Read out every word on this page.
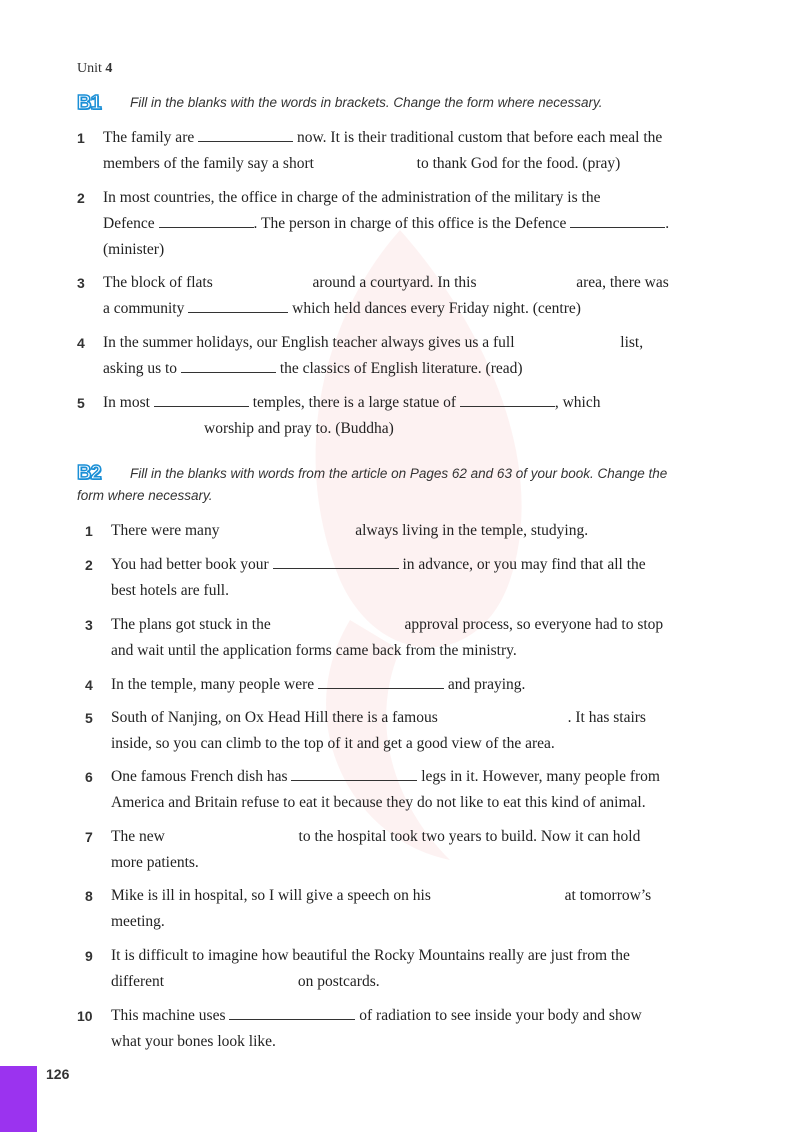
Unit 4
B1	Fill in the blanks with the words in brackets. Change the form where necessary.
1 The family are	now. It is their traditional custom that before each meal the
members of the family say a short	to thank God for the food. (pray)
2 In most countries, the office in charge of the administration of the military is the
Defence	. The person in charge of this office is the Defence	.
(minister)
3 The block of flats	around a courtyard. In this	area, there was
a community	which held dances every Friday night. (centre)
4 In the summer holidays, our English teacher always gives us a full	list,
asking us to	the classics of English literature. (read)
5 In most	temples, there is a large statue of	, which
worship and pray to. (Buddha)
B2	Fill in the blanks with words from the article on Pages 62 and 63 of your book. Change the
form where necessary.
1 There were many	always living in the temple, studying.
2 You had better book your	in advance, or you may find that all the
best hotels are full.
3 The plans got stuck in the	approval process, so everyone had to stop
and wait until the application forms came back from the ministry.
4 In the temple, many people were	and praying.
5 South of Nanjing, on Ox Head Hill there is a famous	. It has stairs
inside, so you can climb to the top of it and get a good view of the area.
6 One famous French dish has	legs in it. However, many people from
America and Britain refuse to eat it because they do not like to eat this kind of animal.
7 The new	to the hospital took two years to build. Now it can hold
more patients.
8 Mike is ill in hospital, so I will give a speech on his	at tomorrow’s
meeting.
9 It is difficult to imagine how beautiful the Rocky Mountains really are just from the
different	on postcards.
10 This machine uses	of radiation to see inside your body and show
what your bones look like.
126
